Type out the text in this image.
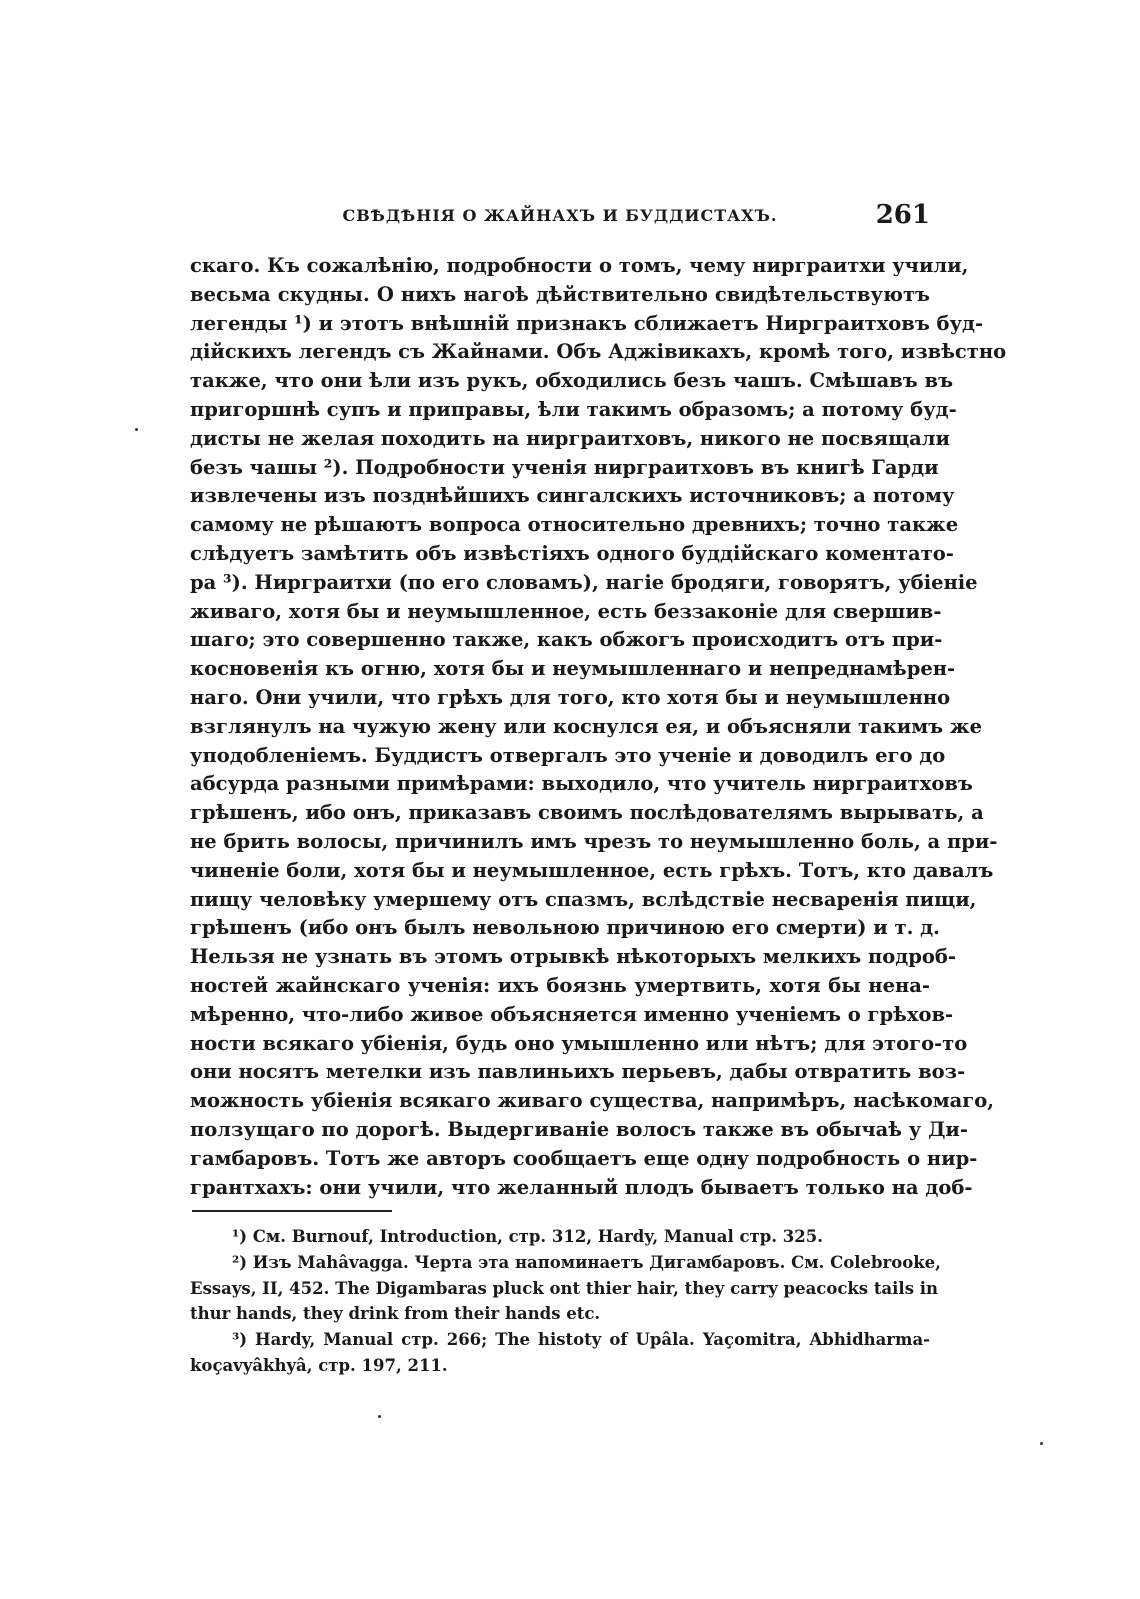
СВѢДѢНІЯ О ЖАЙНАХЪ И БУДДИСТАХЪ.	261
скаго. Къ сожалѣнію, подробности о томъ, чему нирграитхи учили,
весьма скудны. О нихъ нагоѣ дѣйствительно свидѣтельствуютъ
легенды ¹) и этотъ внѣшній признакъ сближаетъ Нирграитховъ буд-
дійскихъ легендъ съ Жайнами. Объ Аджівикахъ, кромѣ того, извѣстно
также, что они ѣли изъ рукъ, обходились безъ чашъ. Смѣшавъ въ
пригоршнѣ супъ и приправы, ѣли такимъ образомъ; а потому буд-
дисты не желая походить на нирграитховъ, никого не посвящали
безъ чашы ²). Подробности ученія нирграитховъ въ книгѣ Гарди
извлечены изъ позднѣйшихъ сингалскихъ источниковъ; а потому
самому не рѣшаютъ вопроса относительно древнихъ; точно также
слѣдуетъ замѣтить объ извѣстіяхъ одного буддійскаго коментато-
ра ³). Нирграитхи (по его словамъ), нагіе бродяги, говорятъ, убіеніе
живаго, хотя бы и неумышленное, есть беззаконіе для свершив-
шаго; это совершенно также, какъ обжогъ происходитъ отъ при-
косновенія къ огню, хотя бы и неумышленнаго и непреднамѣрен-
наго. Они учили, что грѣхъ для того, кто хотя бы и неумышленно
взглянулъ на чужую жену или коснулся ея, и объясняли такимъ же
уподобленіемъ. Буддистъ отвергалъ это ученіе и доводилъ его до
абсурда разными примѣрами: выходило, что учитель нирграитховъ
грѣшенъ, ибо онъ, приказавъ своимъ послѣдователямъ вырывать, а
не брить волосы, причинилъ имъ чрезъ то неумышленно боль, а при-
чиненіе боли, хотя бы и неумышленное, есть грѣхъ. Тотъ, кто давалъ
пищу человѣку умершему отъ спазмъ, вслѣдствіе несваренія пищи,
грѣшенъ (ибо онъ былъ невольною причиною его смерти) и т. д.
Нельзя не узнать въ этомъ отрывкѣ нѣкоторыхъ мелкихъ подроб-
ностей жайнскаго ученія: ихъ боязнь умертвить, хотя бы нена-
мѣренно, что-либо живое объясняется именно ученіемъ о грѣхов-
ности всякаго убіенія, будь оно умышленно или нѣтъ; для этого-то
они носятъ метелки изъ павлиньихъ перьевъ, дабы отвратить воз-
можность убіенія всякаго живаго существа, напримѣръ, насѣкомаго,
ползущаго по дорогѣ. Выдергиваніе волосъ также въ обычаѣ у Ди-
гамбаровъ. Тотъ же авторъ сообщаетъ еще одну подробность о нир-
грантхахъ: они учили, что желанный плодъ бываетъ только на доб-
¹) См. Burnouf, Introduction, стр. 312, Hardy, Manual стр. 325.
²) Изъ Mahâvagga. Черта эта напоминаетъ Дигамбаровъ. См. Colebrooke,
Essays, II, 452. The Digambaras pluck ont thier hair, they carry peacocks tails in
thur hands, they drink from their hands etc.
³) Hardy, Manual стр. 266; The histoty of Upâla. Yaçomitra, Abhidharma-
koçavyâkhyâ, стр. 197, 211.
